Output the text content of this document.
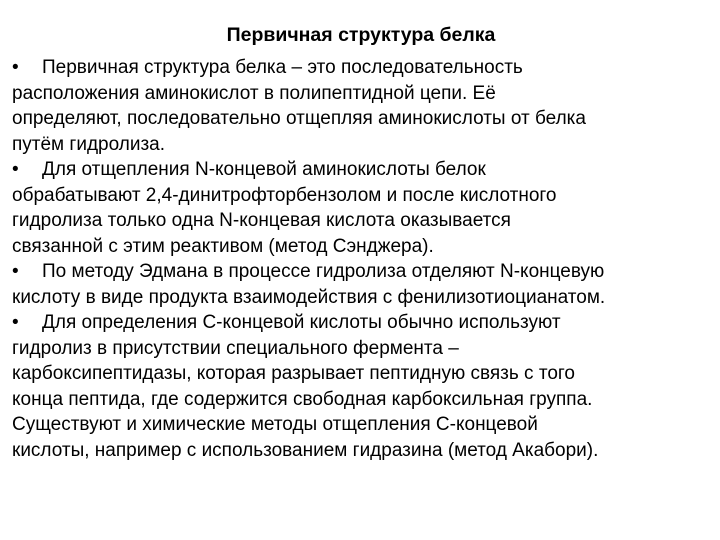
Первичная структура белка
• Первичная структура белка – это последовательность
расположения аминокислот в полипептидной цепи. Её
определяют, последовательно отщепляя аминокислоты от белка
путём гидролиза.
• Для отщепления N-концевой аминокислоты белок
обрабатывают 2,4-динитрофторбензолом и после кислотного
гидролиза только одна N-концевая кислота оказывается
связанной с этим реактивом (метод Сэнджера).
• По методу Эдмана в процессе гидролиза отделяют N-концевую
кислоту в виде продукта взаимодействия с фенилизотиоцианатом.
• Для определения С-концевой кислоты обычно используют
гидролиз в присутствии специального фермента –
карбоксипептидазы, которая разрывает пептидную связь с того
конца пептида, где содержится свободная карбоксильная группа.
Существуют и химические методы отщепления С-концевой
кислоты, например с использованием гидразина (метод Акабори).
